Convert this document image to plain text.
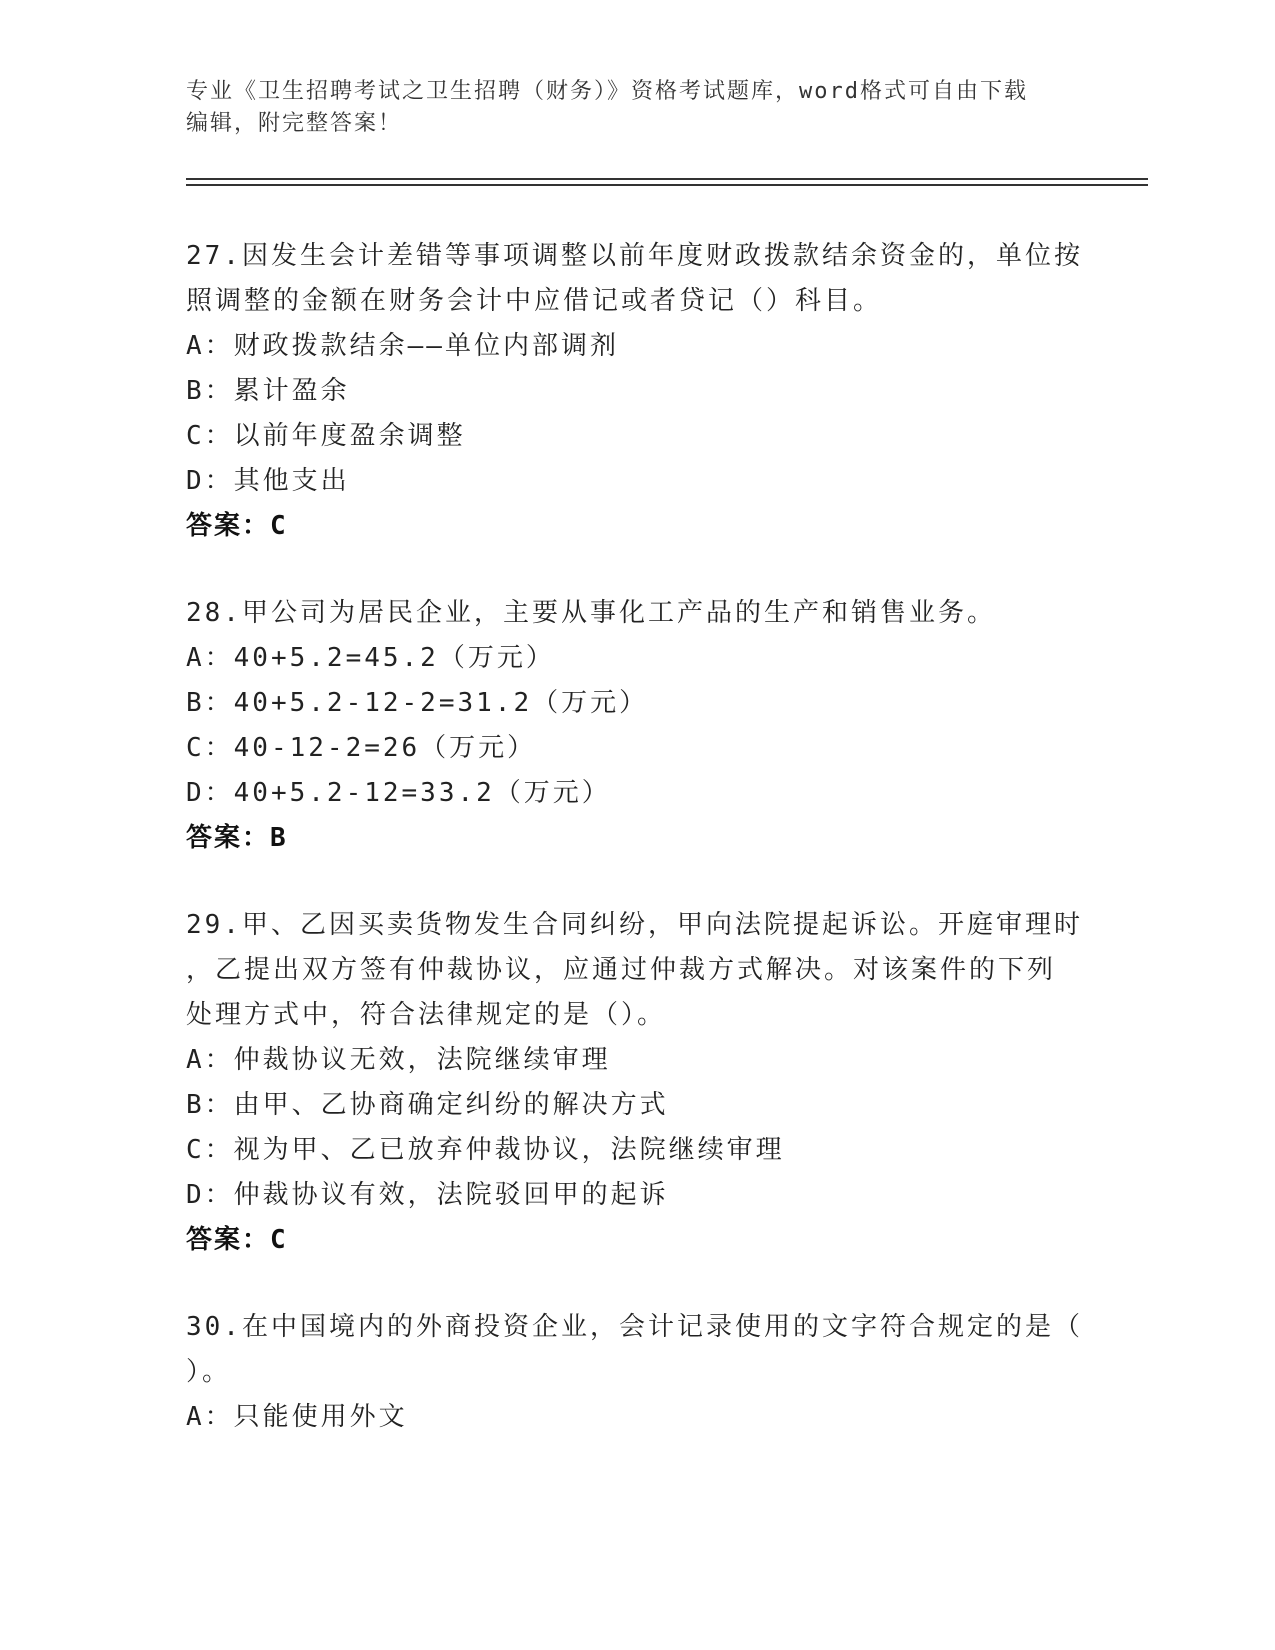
专业《卫生招聘考试之卫生招聘（财务）》资格考试题库，word格式可自由下载
编辑，附完整答案！
27.因发生会计差错等事项调整以前年度财政拨款结余资金的，单位按
照调整的金额在财务会计中应借记或者贷记（）科目。
A：财政拨款结余——单位内部调剂
B：累计盈余
C：以前年度盈余调整
D：其他支出
答案：C
28.甲公司为居民企业，主要从事化工产品的生产和销售业务。
A：40+5.2=45.2（万元）
B：40+5.2-12-2=31.2（万元）
C：40-12-2=26（万元）
D：40+5.2-12=33.2（万元）
答案：B
29.甲、乙因买卖货物发生合同纠纷，甲向法院提起诉讼。开庭审理时
，乙提出双方签有仲裁协议，应通过仲裁方式解决。对该案件的下列
处理方式中，符合法律规定的是（）。
A：仲裁协议无效，法院继续审理
B：由甲、乙协商确定纠纷的解决方式
C：视为甲、乙已放弃仲裁协议，法院继续审理
D：仲裁协议有效，法院驳回甲的起诉
答案：C
30.在中国境内的外商投资企业，会计记录使用的文字符合规定的是（
）。
A：只能使用外文
